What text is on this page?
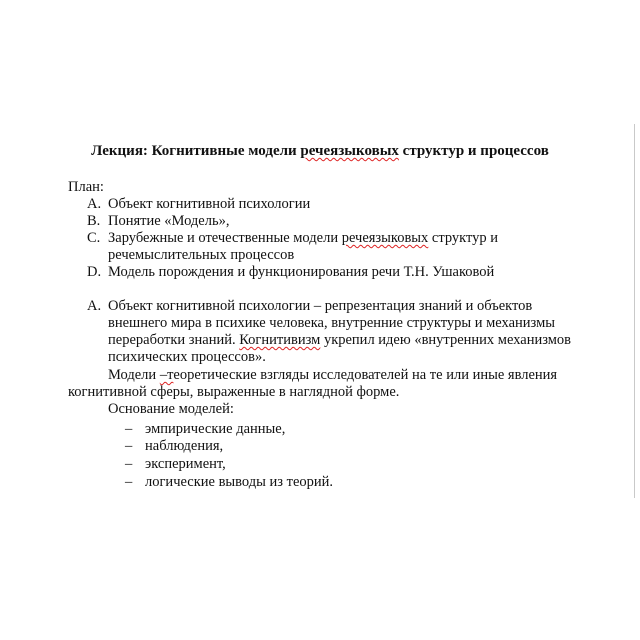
Лекция: Когнитивные модели речеязыковых структур и процессов
План:
A. Объект когнитивной психологии
B. Понятие «Модель»,
C. Зарубежные и отечественные модели речеязыковых структур и
речемыслительных процессов
D. Модель порождения и функционирования речи Т.Н. Ушаковой
A. Объект когнитивной психологии – репрезентация знаний и объектов
внешнего мира в психике человека, внутренние структуры и механизмы
переработки знаний. Когнитивизм укрепил идею «внутренних механизмов
психических процессов».
Модели –теоретические взгляды исследователей на те или иные явления
когнитивной сферы, выраженные в наглядной форме.
Основание моделей:
– эмпирические данные,
– наблюдения,
– эксперимент,
– логические выводы из теорий.
